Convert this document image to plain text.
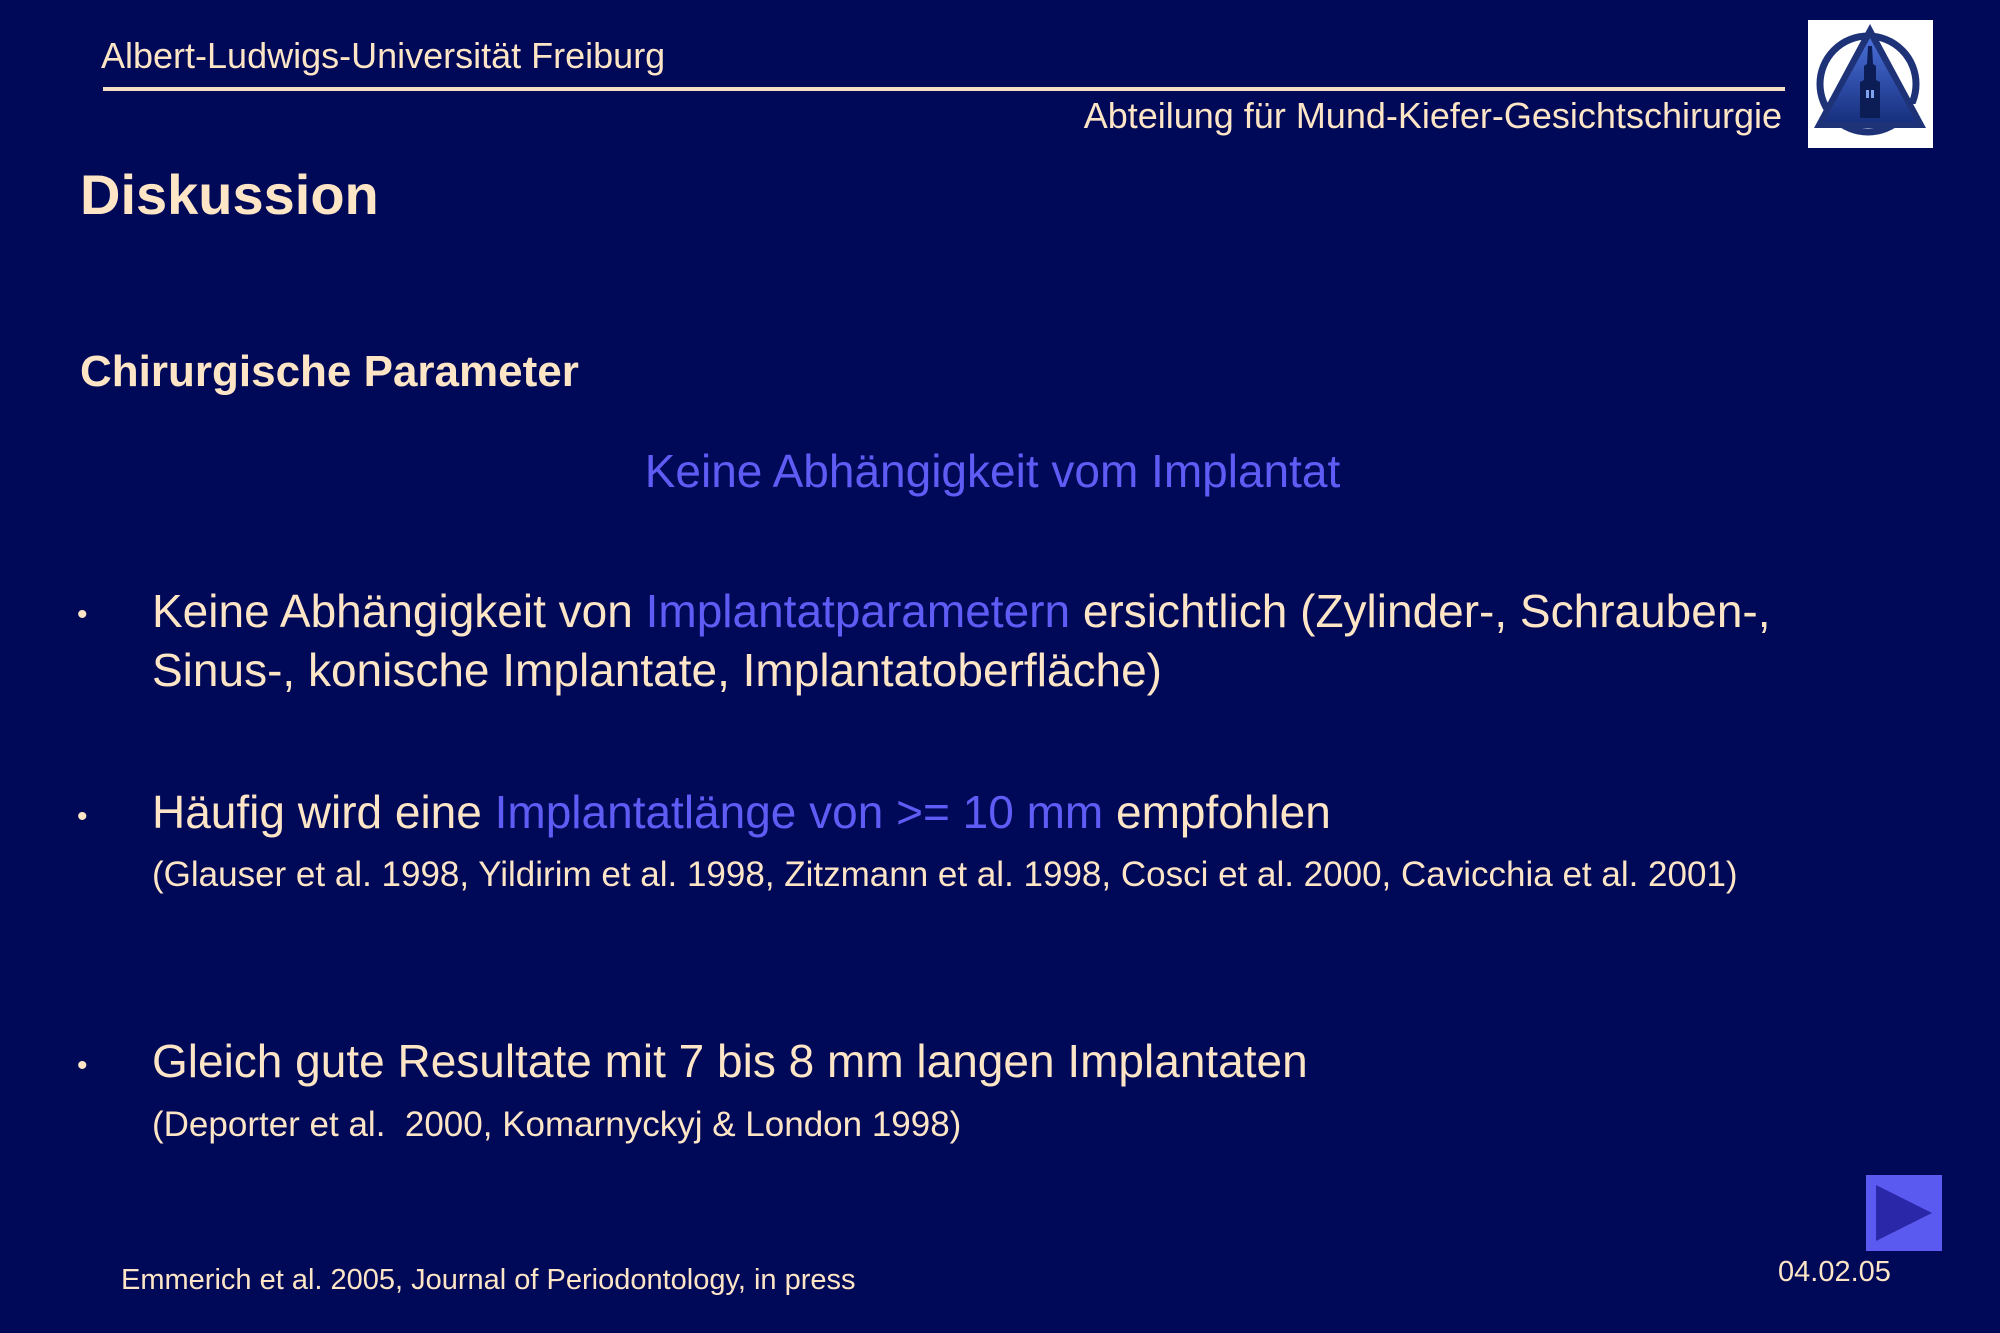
Albert-Ludwigs-Universität Freiburg
Abteilung für Mund-Kiefer-Gesichtschirurgie
Diskussion
Chirurgische Parameter
Keine Abhängigkeit vom Implantat
• Keine Abhängigkeit von Implantatparametern ersichtlich (Zylinder-, Schrauben-, Sinus-, konische Implantate, Implantatoberfläche)
• Häufig wird eine Implantatlänge von >= 10 mm empfohlen
(Glauser et al. 1998, Yildirim et al. 1998, Zitzmann et al. 1998, Cosci et al. 2000, Cavicchia et al. 2001)
• Gleich gute Resultate mit 7 bis 8 mm langen Implantaten
(Deporter et al.  2000, Komarnyckyj & London 1998)
Emmerich et al. 2005, Journal of Periodontology, in press	04.02.05
